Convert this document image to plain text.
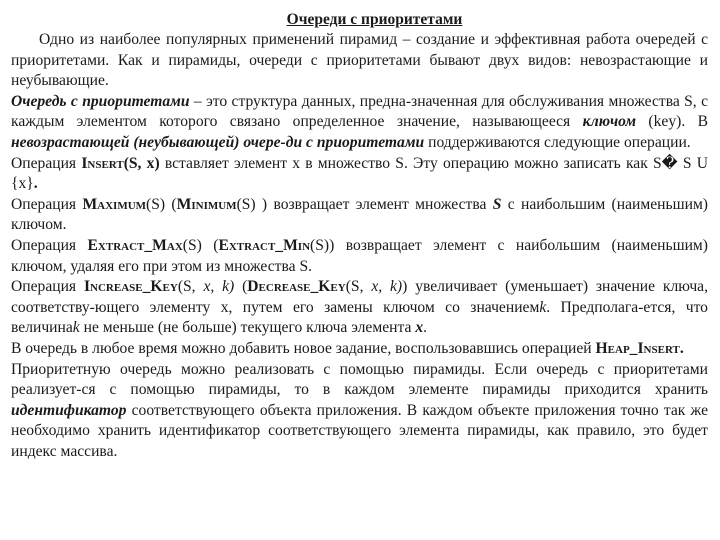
Очереди с приоритетами

Одно из наиболее популярных применений пирамид – создание и эффективная работа очередей с приоритетами. Как и пирамиды, очереди с приоритетами бывают двух видов: невозрастающие и неубывающие.

Очередь с приоритетами – это структура данных, предна-значенная для обслуживания множества S, с каждым элементом которого связано определенное значение, называющееся ключом (key). В невозрастающей (неубывающей) очере-ди с приоритетами поддерживаются следующие операции.

Операция Insert(S, x) вставляет элемент x в множество S. Эту операцию можно записать как S� S U {x}.

Операция Maximum(S) (Minimum(S) ) возвращает элемент множества S с наибольшим (наименьшим) ключом.

Операция Extract_Max(S) (Extract_Min(S)) возвращает элемент с наибольшим (наименьшим) ключом, удаляя его при этом из множества S.

Операция Increase_Key(S, x, k) (Decrease_Key(S, x, k)) увеличивает (уменьшает) значение ключа, соответству-ющего элементу x, путем его замены ключом со значениемk. Предполага-ется, что величинаk не меньше (не больше) текущего ключа элемента x.

В очередь в любое время можно добавить новое задание, воспользовавшись операцией Heap_Insert.

Приоритетную очередь можно реализовать с помощью пирамиды. Если очередь с приоритетами реализует-ся с помощью пирамиды, то в каждом элементе пирамиды приходится хранить идентификатор соответствующего объекта приложения. В каждом объекте приложения точно так же необходимо хранить идентификатор соответствующего элемента пирамиды, как правило, это будет индекс массива.
